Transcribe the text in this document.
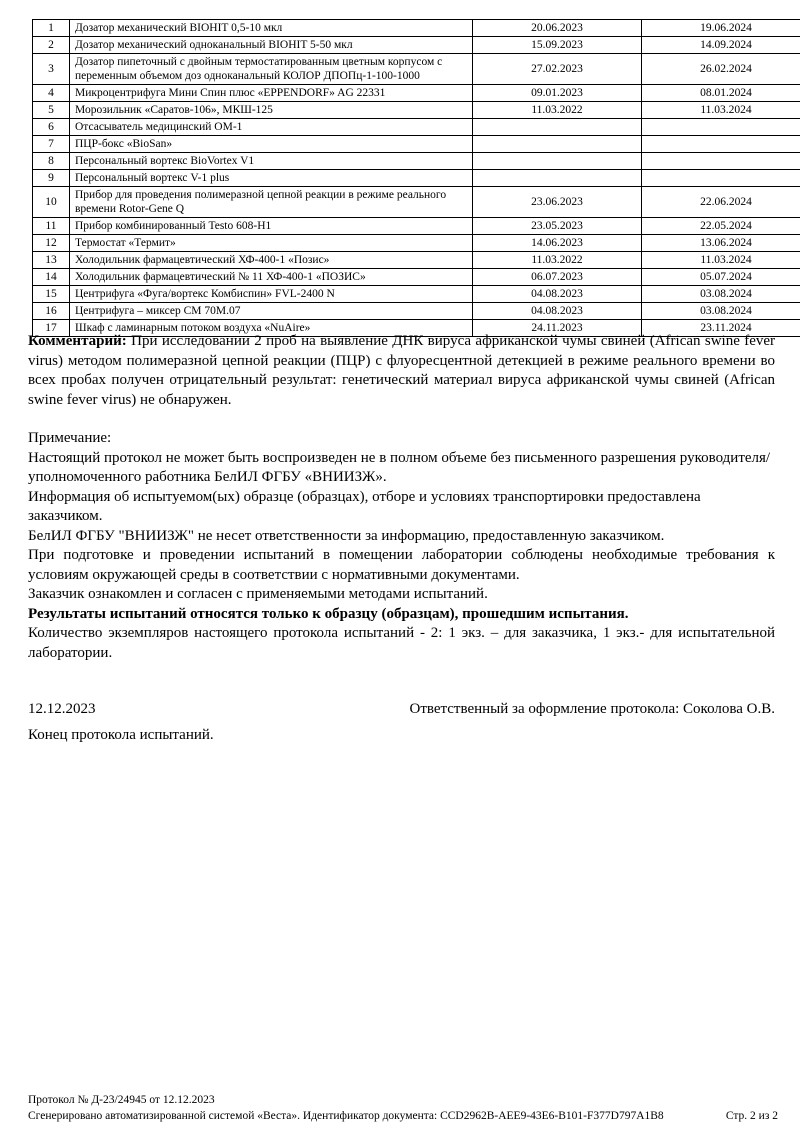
1	Дозатор механический BIOHIT 0,5-10 мкл	20.06.2023	19.06.2024
2	Дозатор механический одноканальный BIOHIT 5-50 мкл	15.09.2023	14.09.2024
3	Дозатор пипеточный с двойным термостатированным цветным корпусом с переменным объемом доз одноканальный КОЛОР ДПОПц-1-100-1000	27.02.2023	26.02.2024
4	Микроцентрифуга Мини Спин плюс «EPPENDORF» AG 22331	09.01.2023	08.01.2024
5	Морозильник «Саратов-106», МКШ-125	11.03.2022	11.03.2024
6	Отсасыватель медицинский ОМ-1		
7	ПЦР-бокс «BioSan»		
8	Персональный вортекс BioVortex V1		
9	Персональный вортекс V-1 plus		
10	Прибор для проведения полимеразной цепной реакции в режиме реального времени Rotor-Gene Q	23.06.2023	22.06.2024
11	Прибор комбинированный Testo 608-H1	23.05.2023	22.05.2024
12	Термостат «Термит»	14.06.2023	13.06.2024
13	Холодильник фармацевтический ХФ-400-1 «Позис»	11.03.2022	11.03.2024
14	Холодильник фармацевтический № 11 ХФ-400-1 «ПОЗИС»	06.07.2023	05.07.2024
15	Центрифуга «Фуга/вортекс Комбиспин» FVL-2400 N	04.08.2023	03.08.2024
16	Центрифуга – миксер СМ 70М.07	04.08.2023	03.08.2024
17	Шкаф с ламинарным потоком воздуха «NuAire»	24.11.2023	23.11.2024

Комментарий: При исследовании 2 проб на выявление ДНК вируса африканской чумы свиней (African swine fever virus) методом полимеразной цепной реакции (ПЦР) с флуоресцентной детекцией в режиме реального времени во всех пробах получен отрицательный результат: генетический материал вируса африканской чумы свиней (African swine fever virus) не обнаружен.

Примечание:

Настоящий протокол не может быть воспроизведен не в полном объеме без письменного разрешения руководителя/уполномоченного работника БелИЛ ФГБУ «ВНИИЗЖ».

Информация об испытуемом(ых) образце (образцах), отборе и условиях транспортировки предоставлена заказчиком.

БелИЛ ФГБУ "ВНИИЗЖ" не несет ответственности за информацию, предоставленную заказчиком.

При подготовке и проведении испытаний в помещении лаборатории соблюдены необходимые требования к условиям окружающей среды в соответствии с нормативными документами.

Заказчик ознакомлен и согласен с применяемыми методами испытаний.

Результаты испытаний относятся только к образцу (образцам), прошедшим испытания.

Количество экземпляров настоящего протокола испытаний - 2: 1 экз. – для заказчика, 1 экз.- для испытательной лаборатории.

12.12.2023	Ответственный за оформление протокола: Соколова О.В.

Конец протокола испытаний.

Протокол № Д-23/24945 от 12.12.2023
Сгенерировано автоматизированной системой «Веста». Идентификатор документа: CCD2962B-AEE9-43E6-B101-F377D797A1B8	Стр. 2 из 2
